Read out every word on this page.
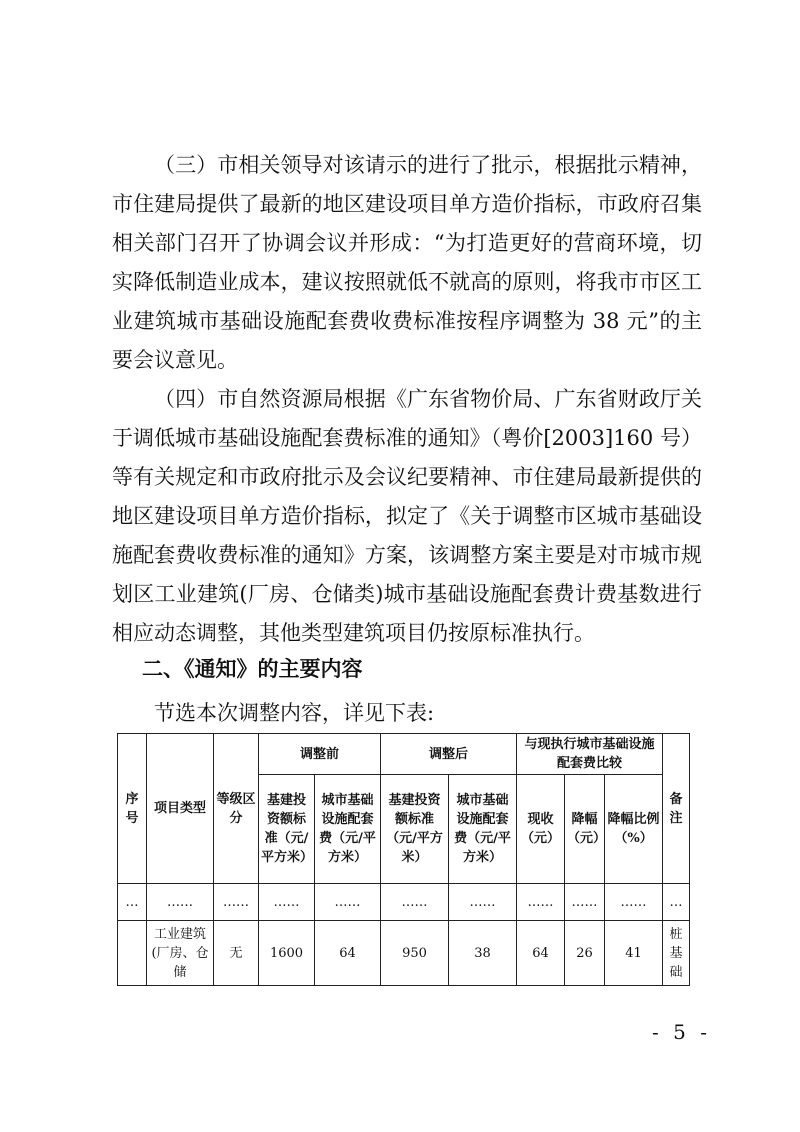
（三）市相关领导对该请示的进行了批示，根据批示精神，市住建局提供了最新的地区建设项目单方造价指标，市政府召集相关部门召开了协调会议并形成：“为打造更好的营商环境，切实降低制造业成本，建议按照就低不就高的原则，将我市市区工业建筑城市基础设施配套费收费标准按程序调整为 38 元”的主要会议意见。

（四）市自然资源局根据《广东省物价局、广东省财政厅关于调低城市基础设施配套费标准的通知》（粤价[2003]160 号）等有关规定和市政府批示及会议纪要精神、市住建局最新提供的地区建设项目单方造价指标，拟定了《关于调整市区城市基础设施配套费收费标准的通知》方案，该调整方案主要是对市城市规划区工业建筑(厂房、仓储类)城市基础设施配套费计费基数进行相应动态调整，其他类型建筑项目仍按原标准执行。

二、《通知》的主要内容

节选本次调整内容，详见下表:

序号	项目类型	等级区分	调整前		调整后		与现执行城市基础设施配套费比较			备注
			基建投资额标准（元/平方米）	城市基础设施配套费（元/平方米）	基建投资额标准（元/平方米）	城市基础设施配套费（元/平方米）	现收（元）	降幅（元）	降幅比例（%）	
…	……	……	……	……	……	……	……	……	……	…
	工业建筑(厂房、仓储	无	1600	64	950	38	64	26	41	桩基础

- 5 -
